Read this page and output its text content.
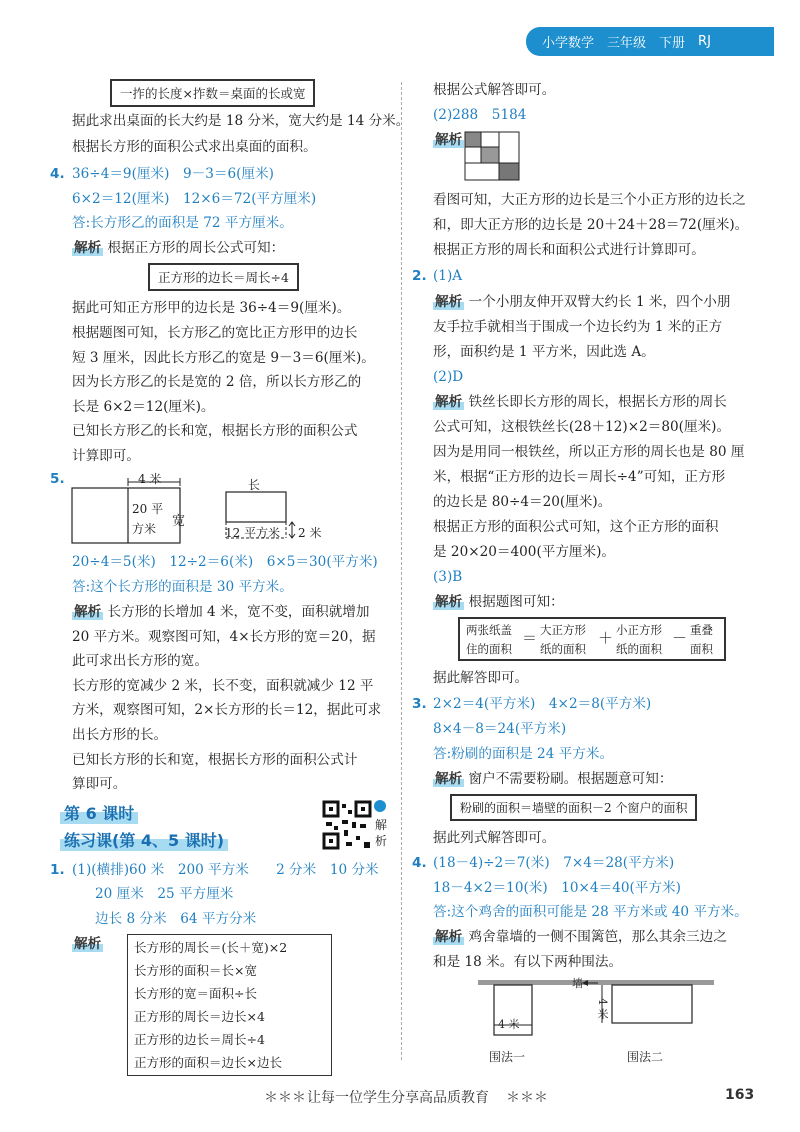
小学数学 三年级 下册 RJ
一拃的长度×拃数＝桌面的长或宽
据此求出桌面的长大约是 18 分米，宽大约是 14 分米。
根据长方形的面积公式求出桌面的面积。
4. 36÷4＝9(厘米)　9－3＝6(厘米)
6×2＝12(厘米)　12×6＝72(平方厘米)
答:长方形乙的面积是 72 平方厘米。
解析 根据正方形的周长公式可知：
正方形的边长＝周长÷4
据此可知正方形甲的边长是 36÷4＝9(厘米)。
根据题图可知，长方形乙的宽比正方形甲的边长
短 3 厘米，因此长方形乙的宽是 9－3＝6(厘米)。
因为长方形乙的长是宽的 2 倍，所以长方形乙的
长是 6×2＝12(厘米)。
已知长方形乙的长和宽，根据长方形的面积公式
计算即可。
5.	4 米
20 平
方米 宽
长
12 平方米 2 米
20÷4＝5(米)　12÷2＝6(米)　6×5＝30(平方米)
答:这个长方形的面积是 30 平方米。
解析 长方形的长增加 4 米，宽不变，面积就增加
20 平方米。观察图可知，4×长方形的宽＝20，据
此可求出长方形的宽。
长方形的宽减少 2 米，长不变，面积就减少 12 平
方米，观察图可知，2×长方形的长＝12，据此可求
出长方形的长。
已知长方形的长和宽，根据长方形的面积公式计
算即可。
第 6 课时
练习课(第 4、5 课时)
解
析
1. (1)(横排)60 米　200 平方米　　2 分米　10 分米
20 厘米　25 平方厘米
边长 8 分米　64 平方分米
解析	长方形的周长＝(长＋宽)×2
长方形的面积＝长×宽
长方形的宽＝面积÷长
正方形的周长＝边长×4
正方形的边长＝周长÷4
正方形的面积＝边长×边长
根据公式解答即可。
(2)288　5184
解析
看图可知，大正方形的边长是三个小正方形的边长之
和，即大正方形的边长是 20＋24＋28＝72(厘米)。
根据正方形的周长和面积公式进行计算即可。
2. (1)A
解析 一个小朋友伸开双臂大约长 1 米，四个小朋
友手拉手就相当于围成一个边长约为 1 米的正方
形，面积约是 1 平方米，因此选 A。
(2)D
解析 铁丝长即长方形的周长，根据长方形的周长
公式可知，这根铁丝长(28＋12)×2＝80(厘米)。
因为是用同一根铁丝，所以正方形的周长也是 80 厘
米，根据“正方形的边长＝周长÷4”可知，正方形
的边长是 80÷4＝20(厘米)。
根据正方形的面积公式可知，这个正方形的面积
是 20×20＝400(平方厘米)。
(3)B
解析 根据题图可知：
两张纸盖
住的面积
＝ 大正方形
纸的面积
＋ 小正方形
纸的面积
－ 重叠
面积
据此解答即可。
3. 2×2＝4(平方米)　4×2＝8(平方米)
8×4－8＝24(平方米)
答:粉刷的面积是 24 平方米。
解析 窗户不需要粉刷。根据题意可知：
粉刷的面积＝墙壁的面积－2 个窗户的面积
据此列式解答即可。
4. (18－4)÷2＝7(米)　7×4＝28(平方米)
18－4×2＝10(米)　10×4＝40(平方米)
答:这个鸡舍的面积可能是 28 平方米或 40 平方米。
解析 鸡舍靠墙的一侧不围篱笆，那么其余三边之
和是 18 米。有以下两种围法。
墙
4 米
4 米
围法一	围法二
＊＊＊ 让每一位学生分享高品质教育 ＊＊＊	163
